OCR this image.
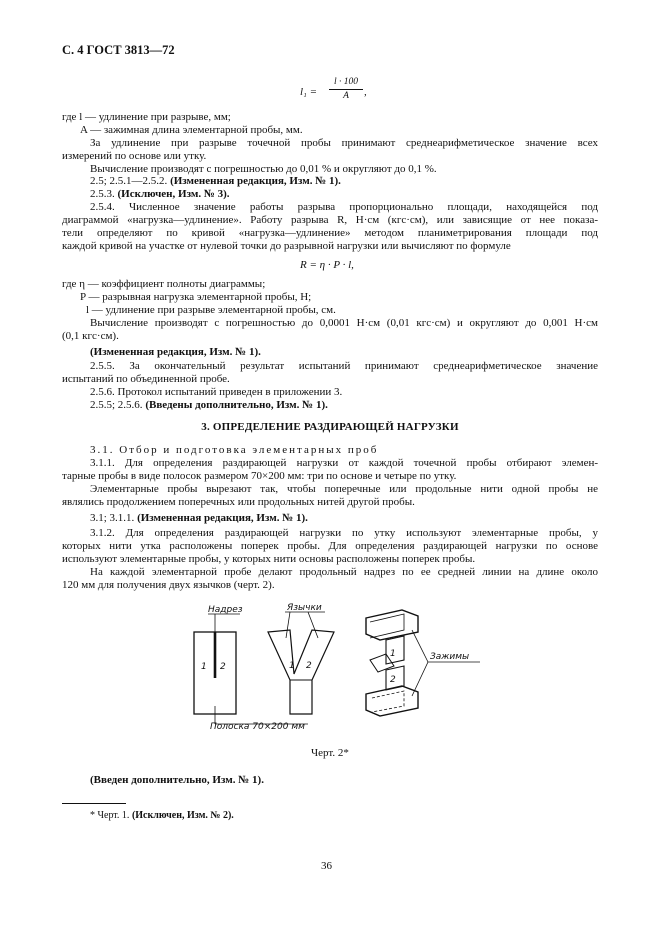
С. 4 ГОСТ 3813—72
l₁ =
l · 100
A	,
где l — удлинение при разрыве, мм;
A — зажимная длина элементарной пробы, мм.
За удлинение при разрыве точечной пробы принимают среднеарифметическое значение всех
измерений по основе или утку.
Вычисление производят с погрешностью до 0,01 % и округляют до 0,1 %.
2.5; 2.5.1—2.5.2. (Измененная редакция, Изм. № 1).
2.5.3. (Исключен, Изм. № 3).
2.5.4. Численное значение работы разрыва пропорционально площади, находящейся под
диаграммой «нагрузка—удлинение». Работу разрыва R, Н·см (кгс·см), или зависящие от нее показа-
тели определяют по кривой «нагрузка—удлинение» методом планиметрирования площади под
каждой кривой на участке от нулевой точки до разрывной нагрузки или вычисляют по формуле
R = η · P · l,
где η — коэффициент полноты диаграммы;
P — разрывная нагрузка элементарной пробы, Н;
l — удлинение при разрыве элементарной пробы, см.
Вычисление производят с погрешностью до 0,0001 Н·см (0,01 кгс·см) и округляют до 0,001 Н·см
(0,1 кгс·см).
(Измененная редакция, Изм. № 1).
2.5.5. За окончательный результат испытаний принимают среднеарифметическое значение
испытаний по объединенной пробе.
2.5.6. Протокол испытаний приведен в приложении 3.
2.5.5; 2.5.6. (Введены дополнительно, Изм. № 1).
3. ОПРЕДЕЛЕНИЕ РАЗДИРАЮЩЕЙ НАГРУЗКИ
3.1. Отбор и подготовка элементарных проб
3.1.1. Для определения раздирающей нагрузки от каждой точечной пробы отбирают элемен-
тарные пробы в виде полосок размером 70×200 мм: три по основе и четыре по утку.
Элементарные пробы вырезают так, чтобы поперечные или продольные нити одной пробы не
являлись продолжением поперечных или продольных нитей другой пробы.
3.1; 3.1.1. (Измененная редакция, Изм. № 1).
3.1.2. Для определения раздирающей нагрузки по утку используют элементарные пробы, у
которых нити утка расположены поперек пробы. Для определения раздирающей нагрузки по основе
используют элементарные пробы, у которых нити основы расположены поперек пробы.
На каждой элементарной пробе делают продольный надрез по ее средней линии на длине около
120 мм для получения двух язычков (черт. 2).
1 2
Надрез
Полоска 70×200 мм
1 2
Язычки
1
2
Зажимы
Черт. 2*
(Введен дополнительно, Изм. № 1).
* Черт. 1. (Исключен, Изм. № 2).
36
